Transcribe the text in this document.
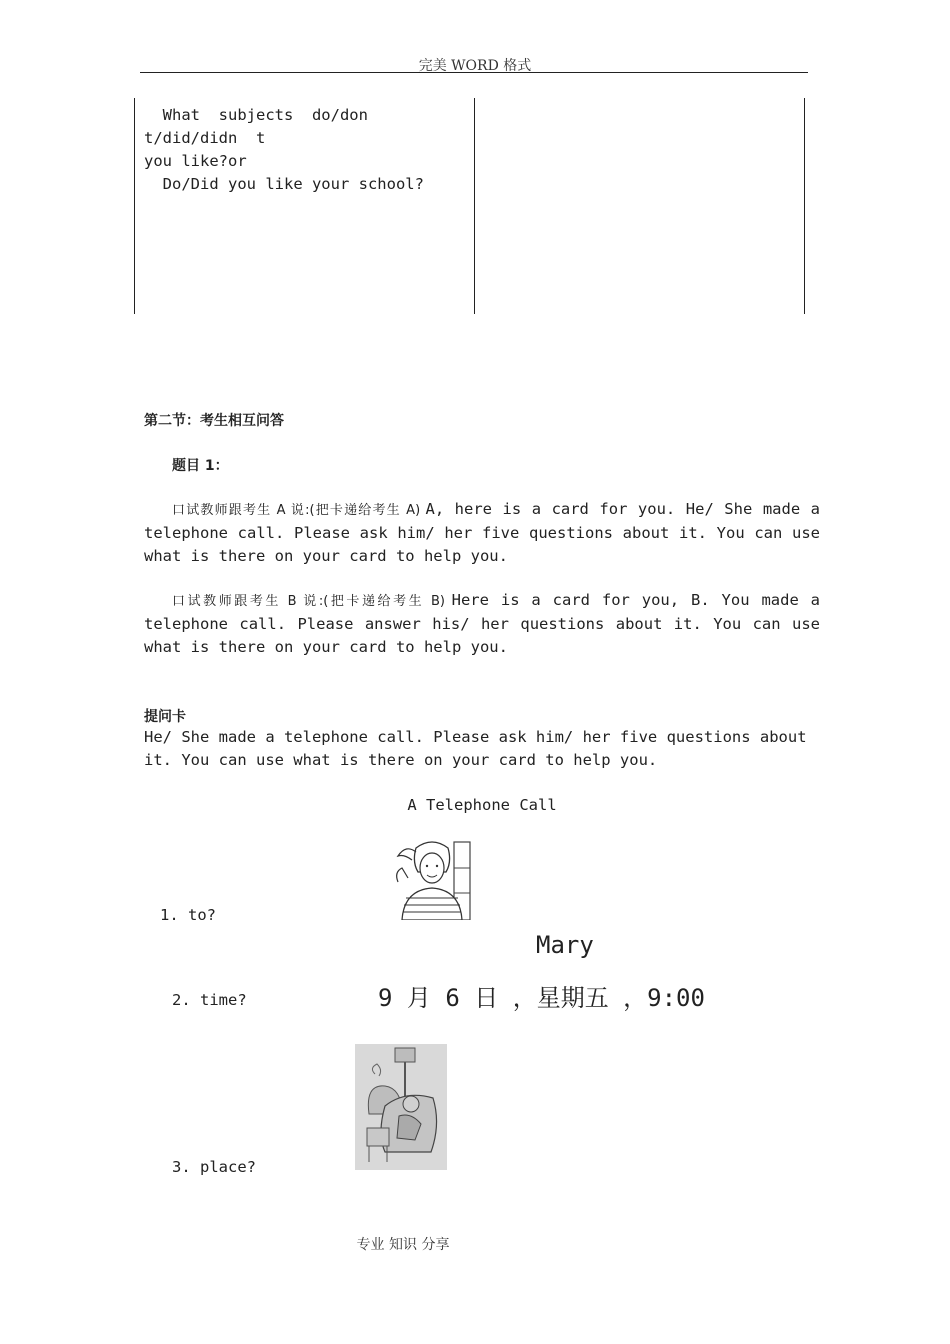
完美 WORD 格式
What  subjects  do/don  t/did/didn  t
you like?or
Do/Did you like your school?
第二节：考生相互问答
题目 1：
口试教师跟考生 A 说:(把卡递给考生 A) A, here is a card for you. He/ She made a telephone call. Please ask him/ her five questions about it. You can use what is there on your card to help you.
口试教师跟考生 B 说:(把卡递给考生 B) Here is a card for you, B. You made a telephone call. Please answer his/ her questions about it. You can use what is there on your card to help you.
提问卡
He/ She made a telephone call. Please ask him/ her five questions about it. You can use what is there on your card to help you.
A Telephone Call
1. to?
Mary
2. time?	9 月 6 日 ，星期五 ，9:00
3. place?
专业 知识 分享
